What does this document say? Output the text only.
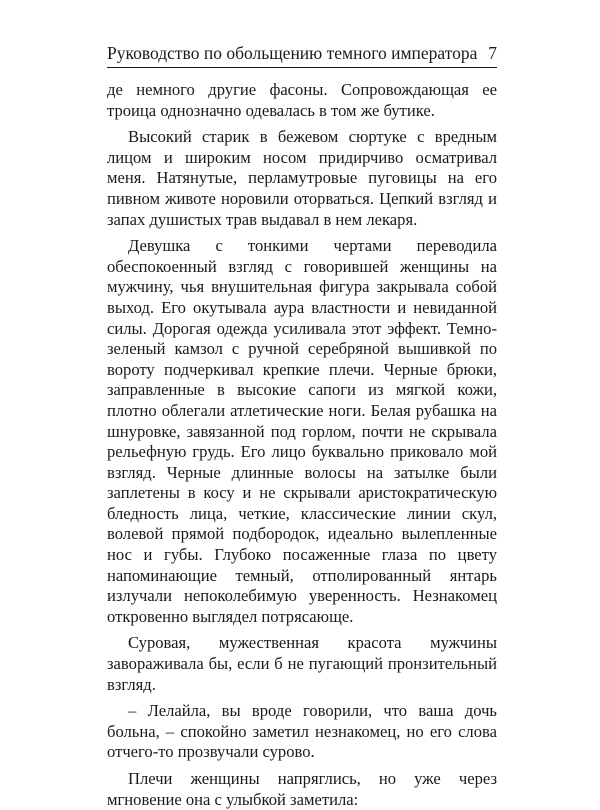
Руководство по обольщению темного императора 7

де немного другие фасоны. Сопровождающая ее троица однозначно одевалась в том же бутике.

Высокий старик в бежевом сюртуке с вредным лицом и широким носом придирчиво осматривал меня. Натянутые, перламутровые пуговицы на его пивном животе норовили оторваться. Цепкий взгляд и запах душистых трав выдавал в нем лекаря.

Девушка с тонкими чертами переводила обеспокоенный взгляд с говорившей женщины на мужчину, чья внушительная фигура закрывала собой выход. Его окутывала аура властности и невиданной силы. Дорогая одежда усиливала этот эффект. Темно-зеленый камзол с ручной серебряной вышивкой по вороту подчеркивал крепкие плечи. Черные брюки, заправленные в высокие сапоги из мягкой кожи, плотно облегали атлетические ноги. Белая рубашка на шнуровке, завязанной под горлом, почти не скрывала рельефную грудь. Его лицо буквально приковало мой взгляд. Черные длинные волосы на затылке были заплетены в косу и не скрывали аристократическую бледность лица, четкие, классические линии скул, волевой прямой подбородок, идеально вылепленные нос и губы. Глубоко посаженные глаза по цвету напоминающие темный, отполированный янтарь излучали непоколебимую уверенность. Незнакомец откровенно выглядел потрясающе.

Суровая, мужественная красота мужчины завораживала бы, если б не пугающий пронзительный взгляд.

– Лелайла, вы вроде говорили, что ваша дочь больна, – спокойно заметил незнакомец, но его слова отчего-то прозвучали сурово.

Плечи женщины напряглись, но уже через мгновение она с улыбкой заметила:
